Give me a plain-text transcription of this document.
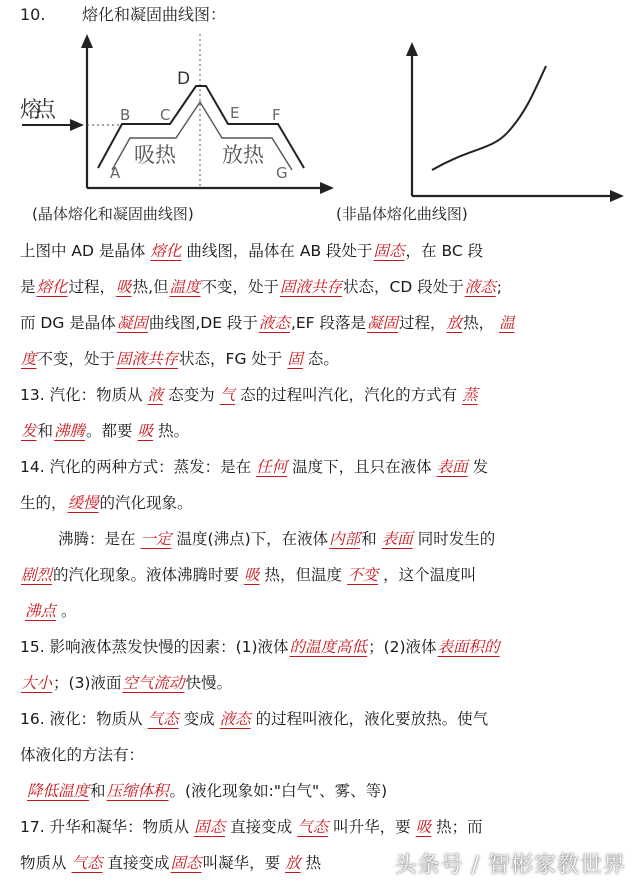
10. 熔化和凝固曲线图：
熔点
A
B C
D
E F
G
吸热 放热
(晶体熔化和凝固曲线图)	(非晶体熔化曲线图)
上图中 AD 是晶体 熔化 曲线图，晶体在 AB 段处于固态，在 BC 段
是熔化过程，吸热,但温度不变，处于固液共存状态，CD 段处于液态;
而 DG 是晶体凝固曲线图,DE 段于液态,EF 段落是凝固过程，放热， 温
度不变，处于固液共存状态，FG 处于 固 态。
13. 汽化：物质从 液 态变为 气 态的过程叫汽化，汽化的方式有 蒸
发和沸腾。都要 吸 热。
14. 汽化的两种方式：蒸发：是在 任何 温度下，且只在液体 表面 发
生的，缓慢的汽化现象。
沸腾：是在 一定 温度(沸点)下，在液体内部和 表面 同时发生的
剧烈的汽化现象。液体沸腾时要 吸 热，但温度 不变 ，这个温度叫
沸点 。
15. 影响液体蒸发快慢的因素：(1)液体的温度高低；(2)液体表面积的
大小；(3)液面空气流动快慢。
16. 液化：物质从 气态 变成 液态 的过程叫液化，液化要放热。使气
体液化的方法有：
降低温度和压缩体积。(液化现象如:"白气"、雾、等)
17. 升华和凝华：物质从 固态 直接变成 气态 叫升华，要 吸 热；而
物质从 气态 直接变成固态叫凝华，要 放 热	头条号 / 智彬家教世界
